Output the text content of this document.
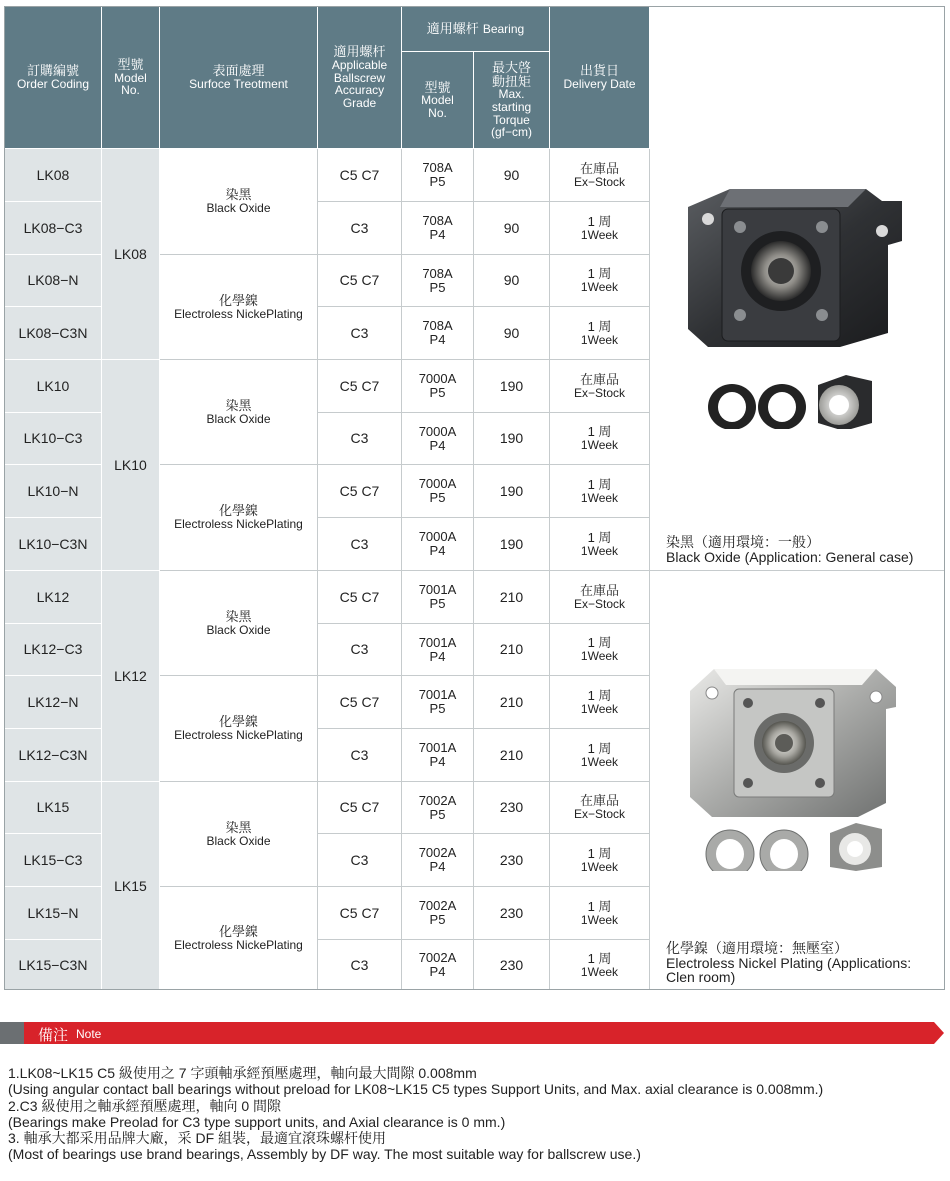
訂購編號
Order Coding
型號
Model
No.
表面處理
Surfoce Treotment
適用螺杆
Applicable
Ballscrew
Accuracy
Grade
適用螺杆 Bearing
型號
Model
No.
最大啓
動扭矩
Max.
starting
Torque
(gf−cm)
出貨日
Delivery Date
LK08
LK08−C3
LK08−N
LK08−C3N
LK10
LK10−C3
LK10−N
LK10−C3N
LK12
LK12−C3
LK12−N
LK12−C3N
LK15
LK15−C3
LK15−N
LK15−C3N
LK08
LK10
LK12
LK15
染黑
Black Oxide
化學鎳
Electroless NickePlating
染黑
Black Oxide
化學鎳
Electroless NickePlating
染黑
Black Oxide
化學鎳
Electroless NickePlating
染黑
Black Oxide
化學鎳
Electroless NickePlating
C5 C7
C3
C5 C7
C3
C5 C7
C3
C5 C7
C3
C5 C7
C3
C5 C7
C3
C5 C7
C3
C5 C7
C3
708A
P5
708A
P4
708A
P5
708A
P4
7000A
P5
7000A
P4
7000A
P5
7000A
P4
7001A
P5
7001A
P4
7001A
P5
7001A
P4
7002A
P5
7002A
P4
7002A
P5
7002A
P4
90
90
90
90
190
190
190
190
210
210
210
210
230
230
230
230
在庫品
Ex−Stock
1 周
1Week
1 周
1Week
1 周
1Week
在庫品
Ex−Stock
1 周
1Week
1 周
1Week
1 周
1Week
在庫品
Ex−Stock
1 周
1Week
1 周
1Week
1 周
1Week
在庫品
Ex−Stock
1 周
1Week
1 周
1Week
1 周
1Week
染黑（適用環境：一般）
Black Oxide (Application: General case)
化學鎳（適用環境：無壓室）
Electroless Nickel Plating (Applications:
Clen room)
備注 Note
1.LK08~LK15 C5 級使用之 7 字頭軸承經預壓處理，軸向最大間隙 0.008mm
(Using angular contact ball bearings without preload for LK08~LK15 C5 types Support Units, and Max. axial clearance is 0.008mm.)
2.C3 級使用之軸承經預壓處理，軸向 0 間隙
(Bearings make Preolad for C3 type support units, and Axial clearance is 0 mm.)
3. 軸承大都采用品牌大廠，采 DF 組裝，最適宜滾珠螺杆使用
(Most of bearings use brand bearings, Assembly by DF way. The most suitable way for ballscrew use.)
